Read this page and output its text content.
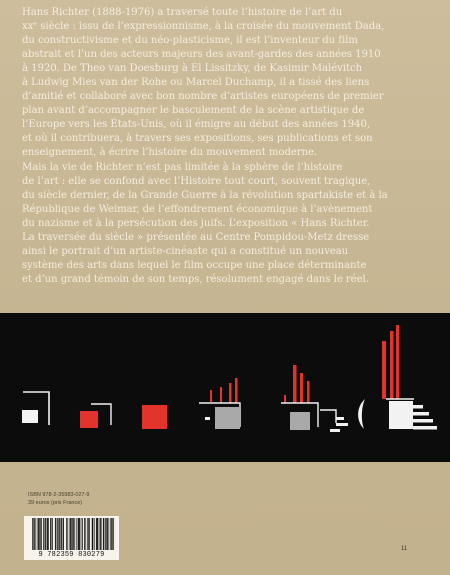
Hans Richter (1888-1976) a traversé toute l’histoire de l’art du

xxᵉ siècle : issu de l’expressionnisme, à la croisée du mouvement Dada,

du constructivisme et du néo-plasticisme, il est l’inventeur du film

abstrait et l’un des acteurs majeurs des avant-gardes des années 1910

à 1920. De Theo van Doesburg à El Lissitzky, de Kasimir Malévitch

à Ludwig Mies van der Rohe ou Marcel Duchamp, il a tissé des liens

d’amitié et collaboré avec bon nombre d’artistes européens de premier

plan avant d’accompagner le basculement de la scène artistique de

l’Europe vers les États-Unis, où il émigre au début des années 1940,

et où il contribuera, à travers ses expositions, ses publications et son

enseignement, à écrire l’histoire du mouvement moderne.

Mais la vie de Richter n’est pas limitée à la sphère de l’histoire

de l’art : elle se confond avec l’Histoire tout court, souvent tragique,

du siècle dernier, de la Grande Guerre à la révolution spartakiste et à la

République de Weimar, de l’effondrement économique à l’avènement

du nazisme et à la persécution des juifs. L’exposition « Hans Richter.

La traversée du siècle » présentée au Centre Pompidou-Metz dresse

ainsi le portrait d’un artiste-cinéaste qui a constitué un nouveau

système des arts dans lequel le film occupe une place déterminante

et d’un grand témoin de son temps, résolument engagé dans le réel.

ISBN 978-2-35983-027-9
39 euros (prix France)
9 782359 830279
11
